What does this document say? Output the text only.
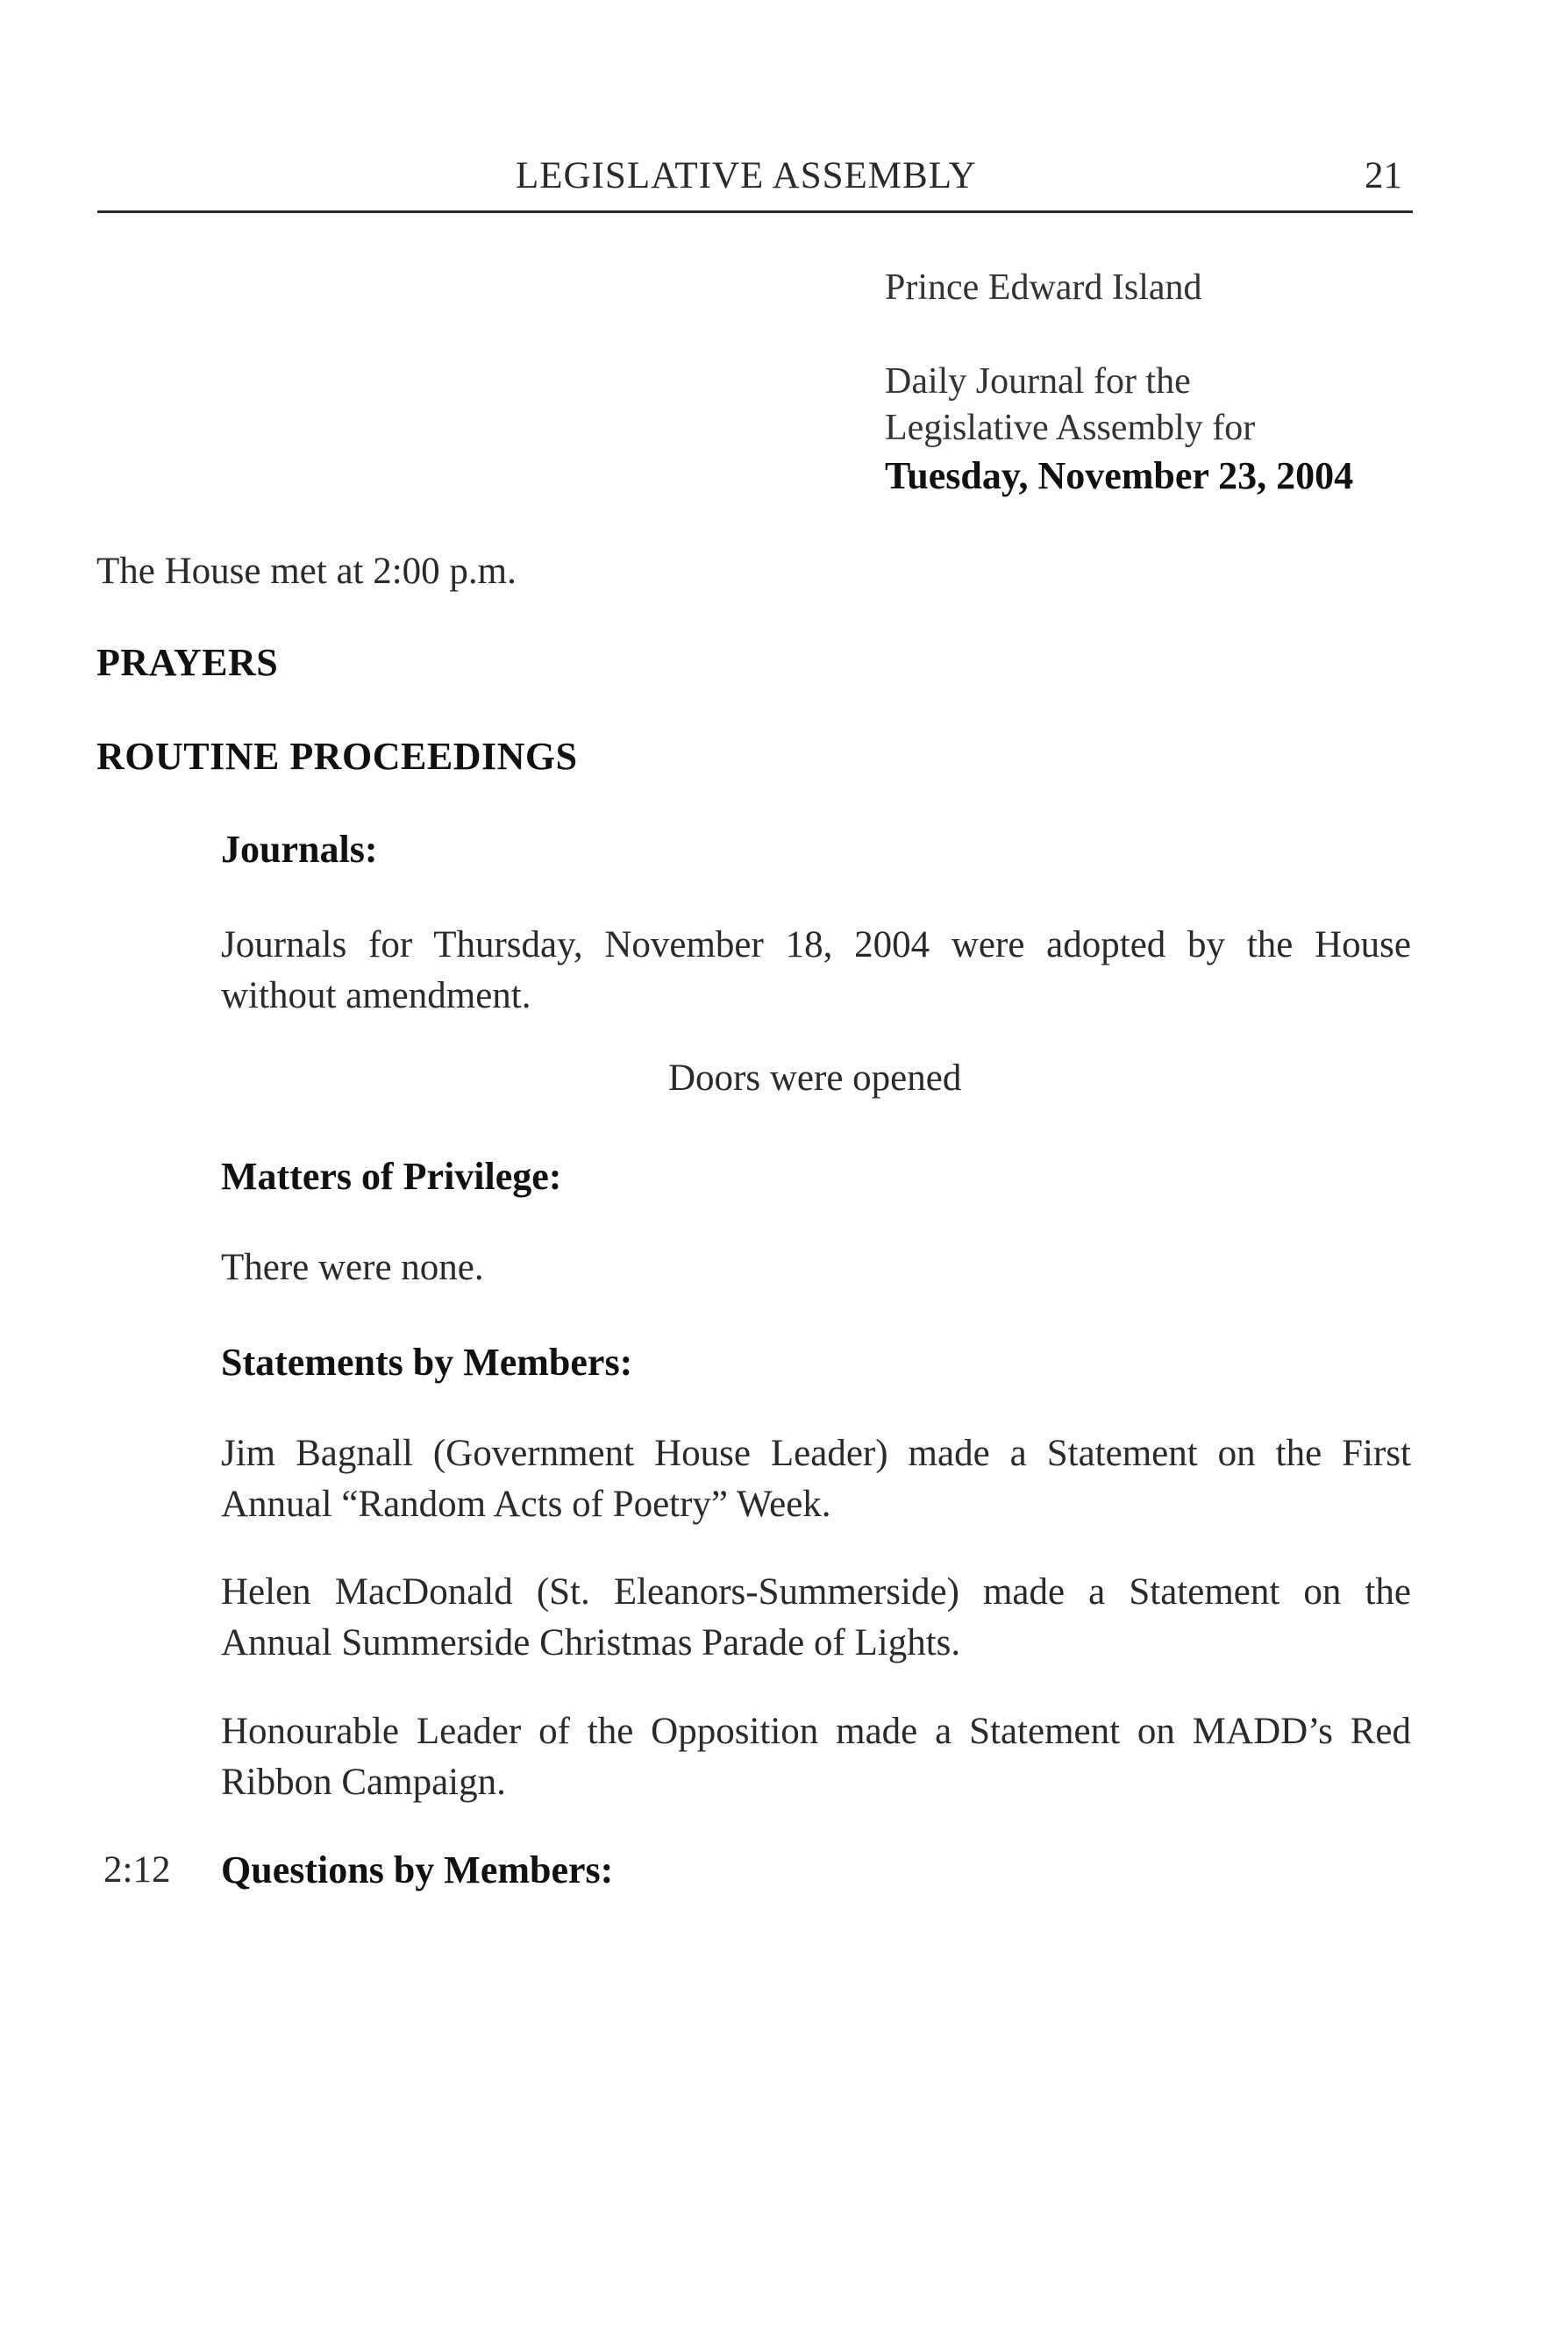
LEGISLATIVE ASSEMBLY	21
Prince Edward Island
Daily Journal for the
Legislative Assembly for
Tuesday, November 23, 2004
The House met at 2:00 p.m.
PRAYERS
ROUTINE PROCEEDINGS
Journals:
Journals for Thursday, November 18, 2004 were adopted by the House without amendment.
Doors were opened
Matters of Privilege:
There were none.
Statements by Members:
Jim Bagnall (Government House Leader) made a Statement on the First Annual “Random Acts of Poetry” Week.
Helen MacDonald (St. Eleanors-Summerside) made a Statement on the Annual Summerside Christmas Parade of Lights.
Honourable Leader of the Opposition made a Statement on MADD’s Red Ribbon Campaign.
2:12 Questions by Members:
